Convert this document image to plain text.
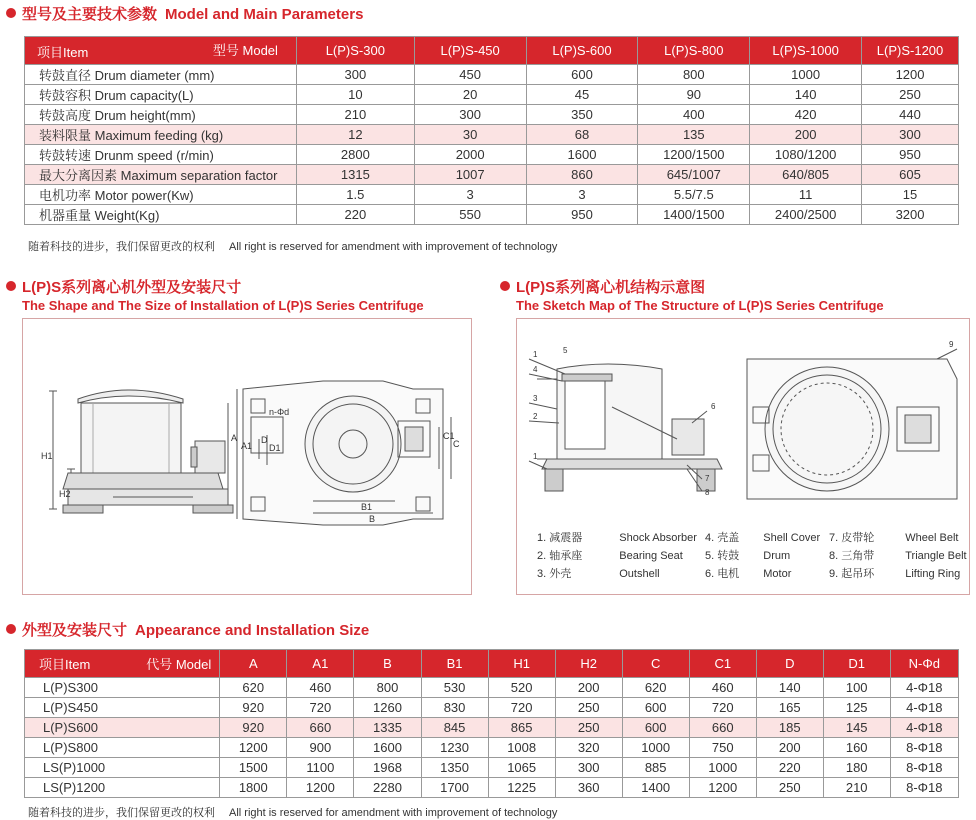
型号及主要技术参数 Model and Main Parameters
项目Item 型号 Model	L(P)S-300	L(P)S-450	L(P)S-600	L(P)S-800	L(P)S-1000	L(P)S-1200
转鼓直径 Drum diameter (mm)	300	450	600	800	1000	1200
转鼓容积 Drum capacity(L)	10	20	45	90	140	250
转鼓高度 Drum height(mm)	210	300	350	400	420	440
装料限量 Maximum feeding (kg)	12	30	68	135	200	300
转鼓转速 Drunm speed (r/min)	2800	2000	1600	1200/1500	1080/1200	950
最大分离因素 Maximum separation factor	1315	1007	860	645/1007	640/805	605
电机功率 Motor power(Kw)	1.5	3	3	5.5/7.5	11	15
机器重量 Weight(Kg)	220	550	950	1400/1500	2400/2500	3200
随着科技的进步，我们保留更改的权利 All right is reserved for amendment with improvement of technology
L(P)S系列离心机外型及安装尺寸
The Shape and The Size of Installation of L(P)S Series Centrifuge
H1
H2
A
A1
B1
B
C1
C
D
D1
n-Φd
L(P)S系列离心机结构示意图
The Sketch Map of The Structure of L(P)S Series Centrifuge
1	5
4
3
2
1
6
7
8
9
1. 减震器	Shock Absorber
2. 轴承座	Bearing Seat
3. 外壳	Outshell
4. 壳盖 Shell Cover
5. 转鼓 Drum
6. 电机 Motor
7. 皮带轮	Wheel Belt
8. 三角带	Triangle Belt
9. 起吊环	Lifting Ring
外型及安装尺寸 Appearance and Installation Size
项目Item 代号 Model	A	A1	B	B1	H1	H2	C	C1	D	D1	N-Φd
L(P)S300	620	460	800	530	520	200	620	460	140	100	4-Φ18
L(P)S450	920	720	1260	830	720	250	600	720	165	125	4-Φ18
L(P)S600	920	660	1335	845	865	250	600	660	185	145	4-Φ18
L(P)S800	1200	900	1600	1230	1008	320	1000	750	200	160	8-Φ18
LS(P)1000	1500	1100	1968	1350	1065	300	885	1000	220	180	8-Φ18
LS(P)1200	1800	1200	2280	1700	1225	360	1400	1200	250	210	8-Φ18
随着科技的进步，我们保留更改的权利 All right is reserved for amendment with improvement of technology
